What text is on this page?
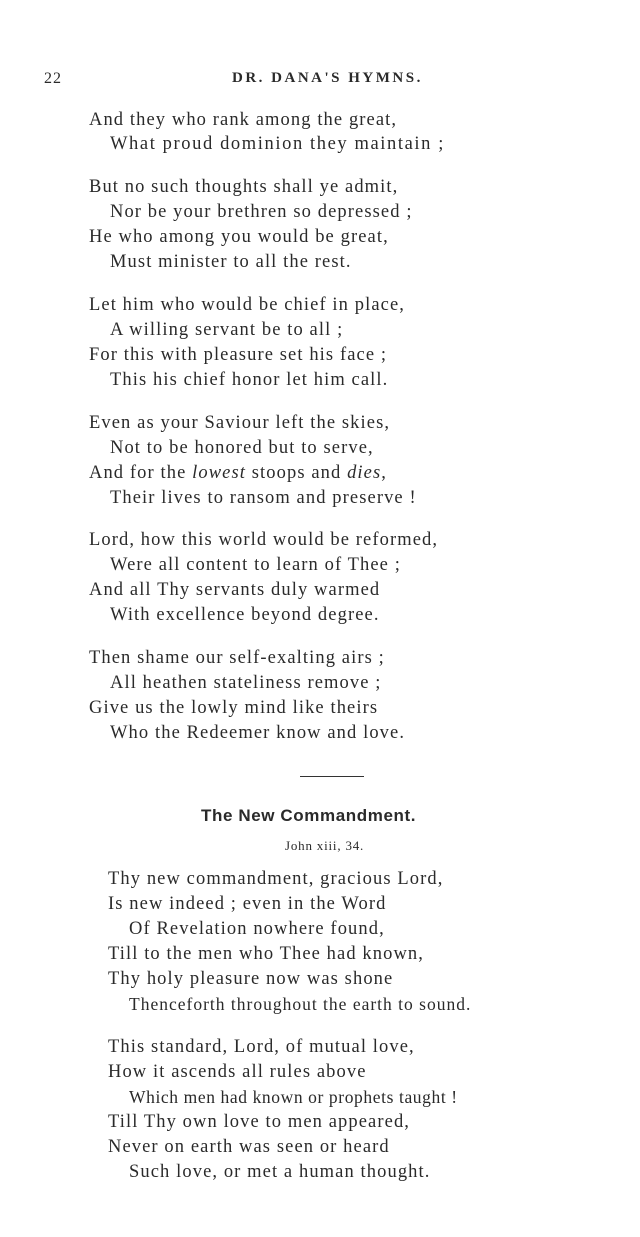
22	DR. DANA'S HYMNS.
And they who rank among the great,
What proud dominion they maintain ;
But no such thoughts shall ye admit,
Nor be your brethren so depressed ;
He who among you would be great,
Must minister to all the rest.
Let him who would be chief in place,
A willing servant be to all ;
For this with pleasure set his face ;
This his chief honor let him call.
Even as your Saviour left the skies,
Not to be honored but to serve,
And for the lowest stoops and dies,
Their lives to ransom and preserve !
Lord, how this world would be reformed,
Were all content to learn of Thee ;
And all Thy servants duly warmed
With excellence beyond degree.
Then shame our self-exalting airs ;
All heathen stateliness remove ;
Give us the lowly mind like theirs
Who the Redeemer know and love.
The New Commandment.
John xiii, 34.
Thy new commandment, gracious Lord,
Is new indeed ; even in the Word
Of Revelation nowhere found,
Till to the men who Thee had known,
Thy holy pleasure now was shone
Thenceforth throughout the earth to sound.
This standard, Lord, of mutual love,
How it ascends all rules above
Which men had known or prophets taught !
Till Thy own love to men appeared,
Never on earth was seen or heard
Such love, or met a human thought.
